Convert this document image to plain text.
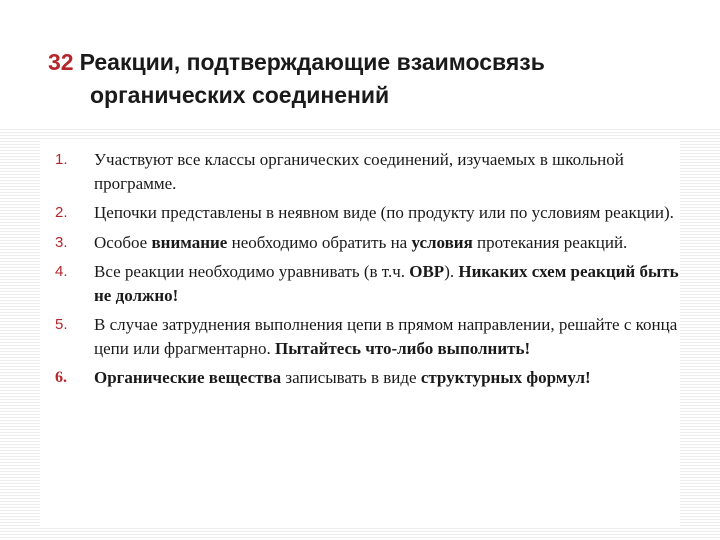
32 Реакции, подтверждающие взаимосвязь
органических соединений
1. Участвуют все классы органических соединений, изучаемых в школьной программе.
2. Цепочки представлены в неявном виде (по продукту или по условиям реакции).
3. Особое внимание необходимо обратить на условия протекания реакций.
4. Все реакции необходимо уравнивать (в т.ч. ОВР). Никаких схем реакций быть не должно!
5. В случае затруднения выполнения цепи в прямом направлении, решайте с конца цепи или фрагментарно. Пытайтесь что-либо выполнить!
6. Органические вещества записывать в виде структурных формул!
